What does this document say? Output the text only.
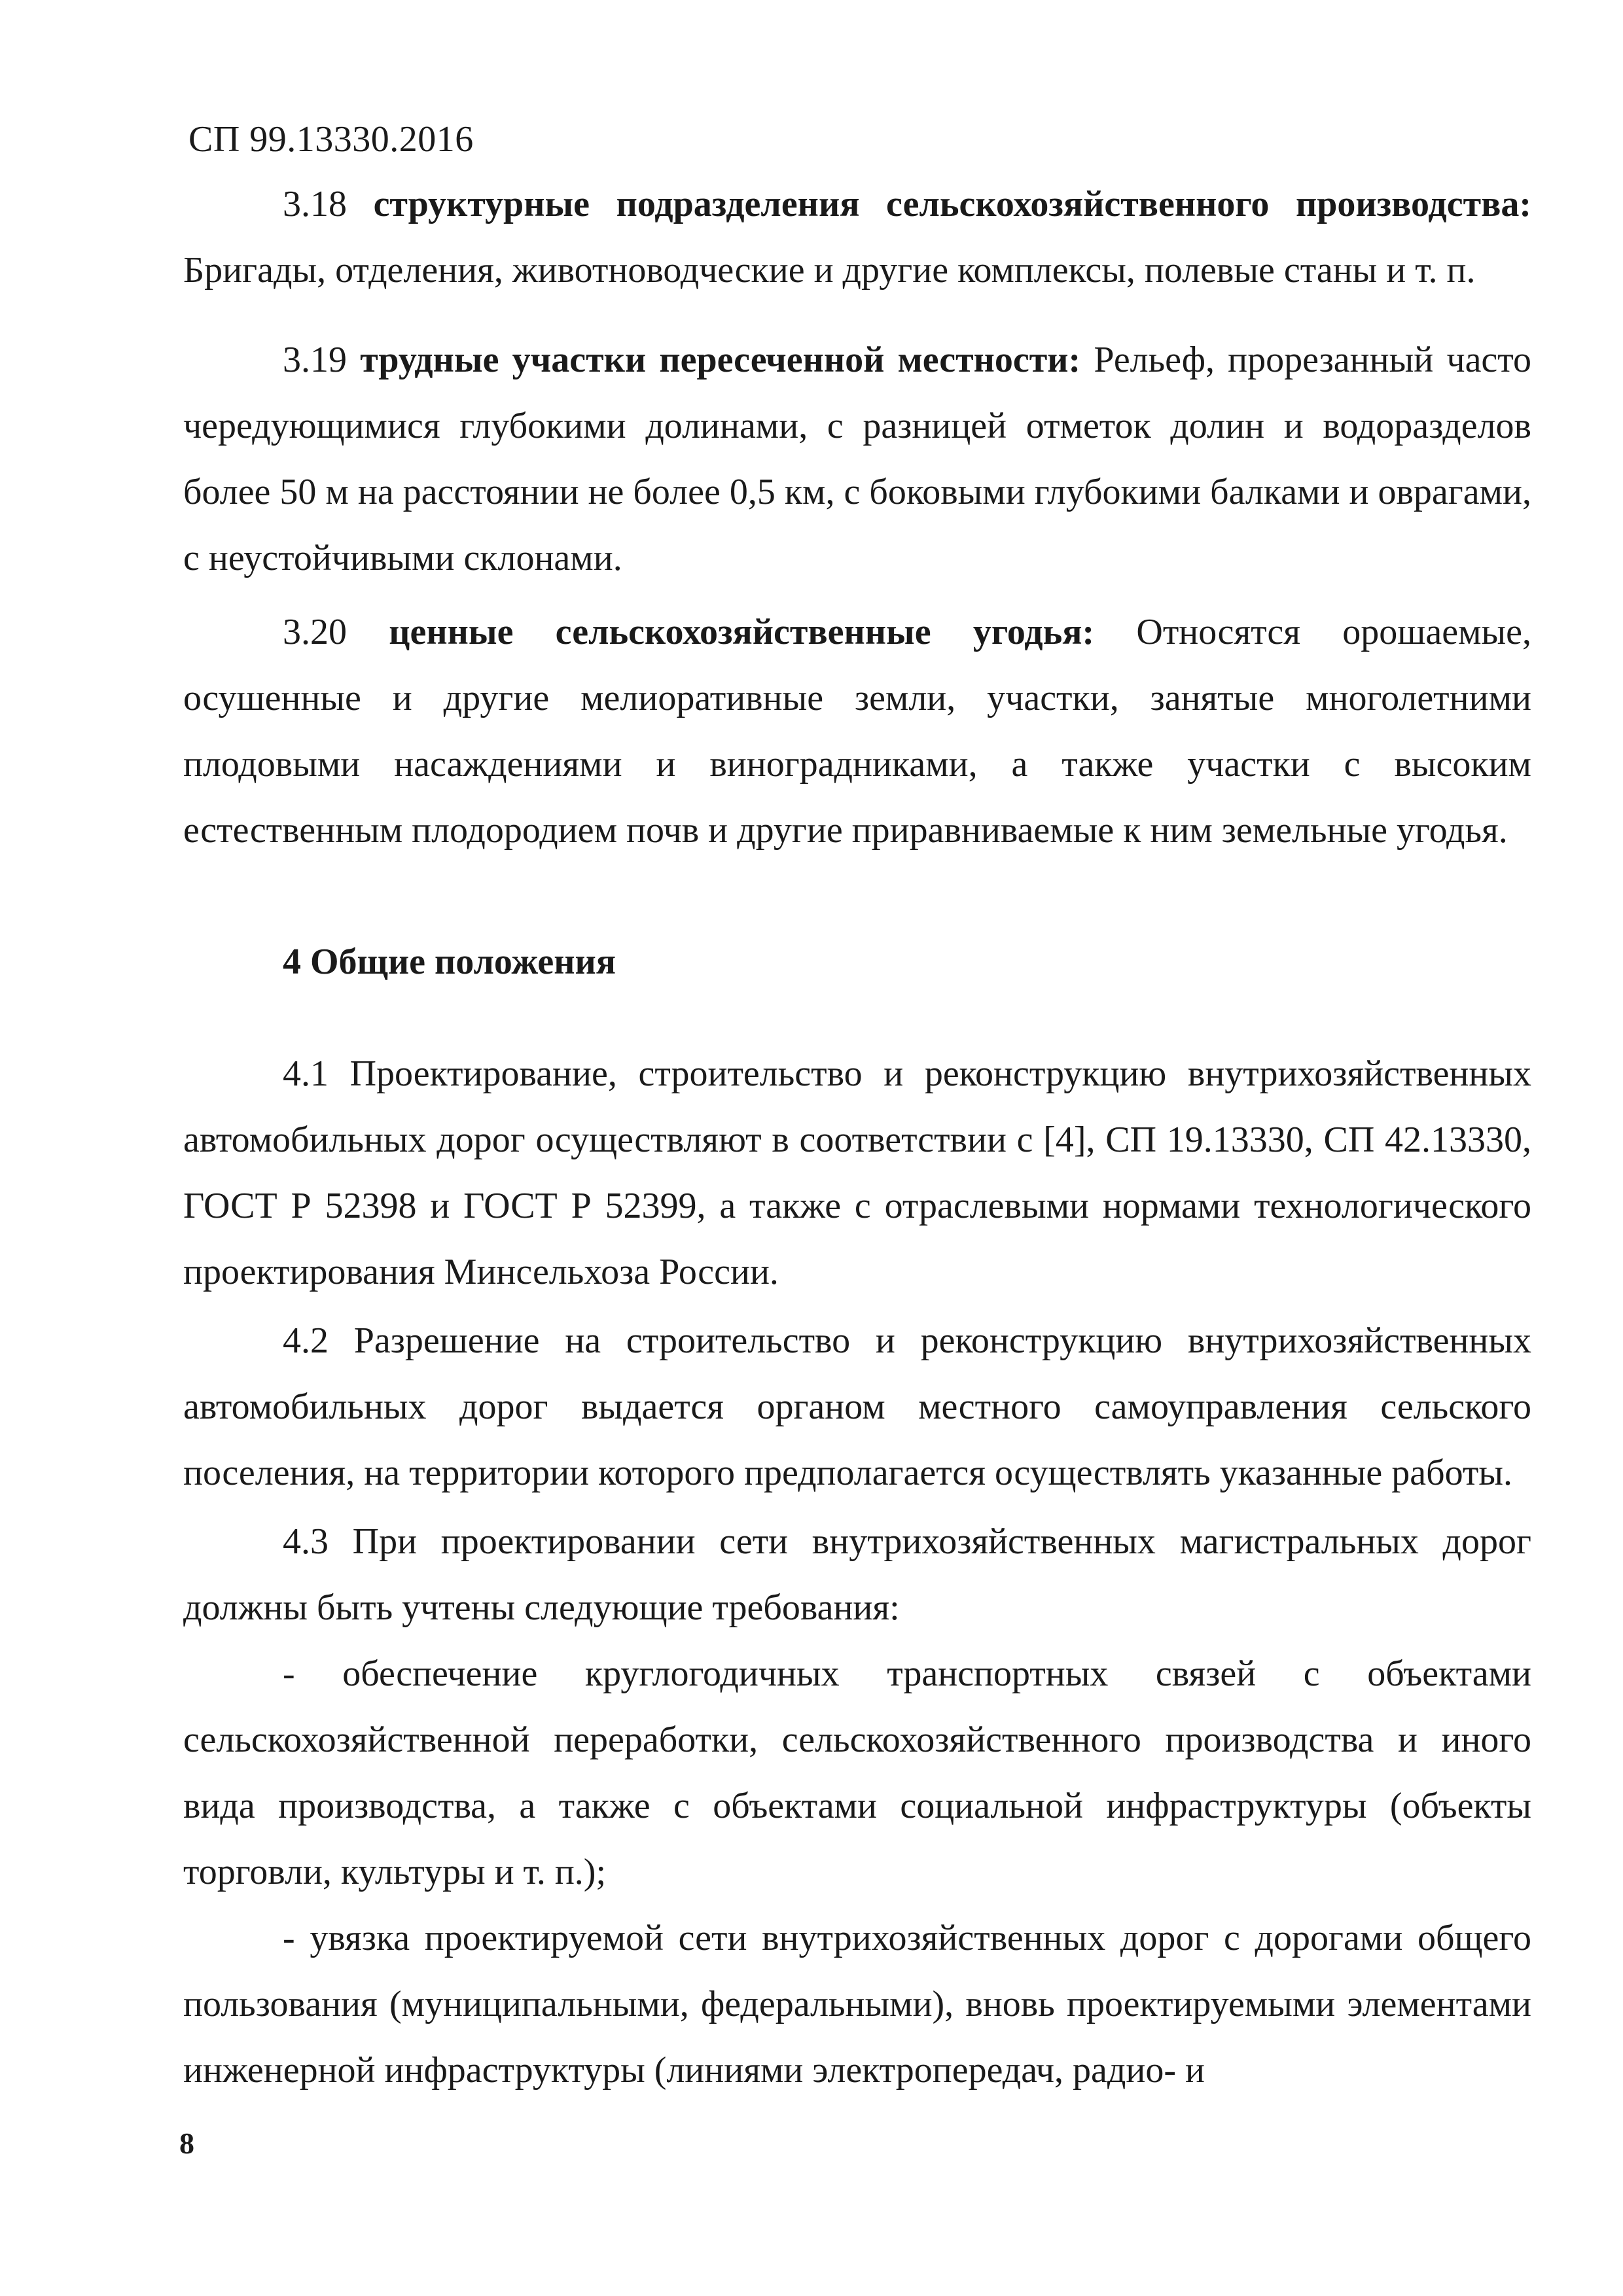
СП 99.13330.2016

3.18 структурные подразделения сельскохозяйственного производства: Бригады, отделения, животноводческие и другие комплексы, полевые станы и т. п.

3.19 трудные участки пересеченной местности: Рельеф, прорезанный часто чередующимися глубокими долинами, с разницей отметок долин и водоразделов более 50 м на расстоянии не более 0,5 км, с боковыми глубокими балками и оврагами, с неустойчивыми склонами.

3.20 ценные сельскохозяйственные угодья: Относятся орошаемые, осушенные и другие мелиоративные земли, участки, занятые многолетними плодовыми насаждениями и виноградниками, а также участки с высоким естественным плодородием почв и другие приравниваемые к ним земельные угодья.

4 Общие положения

4.1 Проектирование, строительство и реконструкцию внутрихозяйственных автомобильных дорог осуществляют в соответствии с [4], СП 19.13330, СП 42.13330, ГОСТ Р 52398 и ГОСТ Р 52399, а также с отраслевыми нормами технологического проектирования Минсельхоза России.

4.2 Разрешение на строительство и реконструкцию внутрихозяйственных автомобильных дорог выдается органом местного самоуправления сельского поселения, на территории которого предполагается осуществлять указанные работы.

4.3 При проектировании сети внутрихозяйственных магистральных дорог должны быть учтены следующие требования:

- обеспечение круглогодичных транспортных связей с объектами сельскохозяйственной переработки, сельскохозяйственного производства и иного вида производства, а также с объектами социальной инфраструктуры (объекты торговли, культуры и т. п.);

- увязка проектируемой сети внутрихозяйственных дорог с дорогами общего пользования (муниципальными, федеральными), вновь проектируемыми элементами инженерной инфраструктуры (линиями электропередач, радио- и

8
